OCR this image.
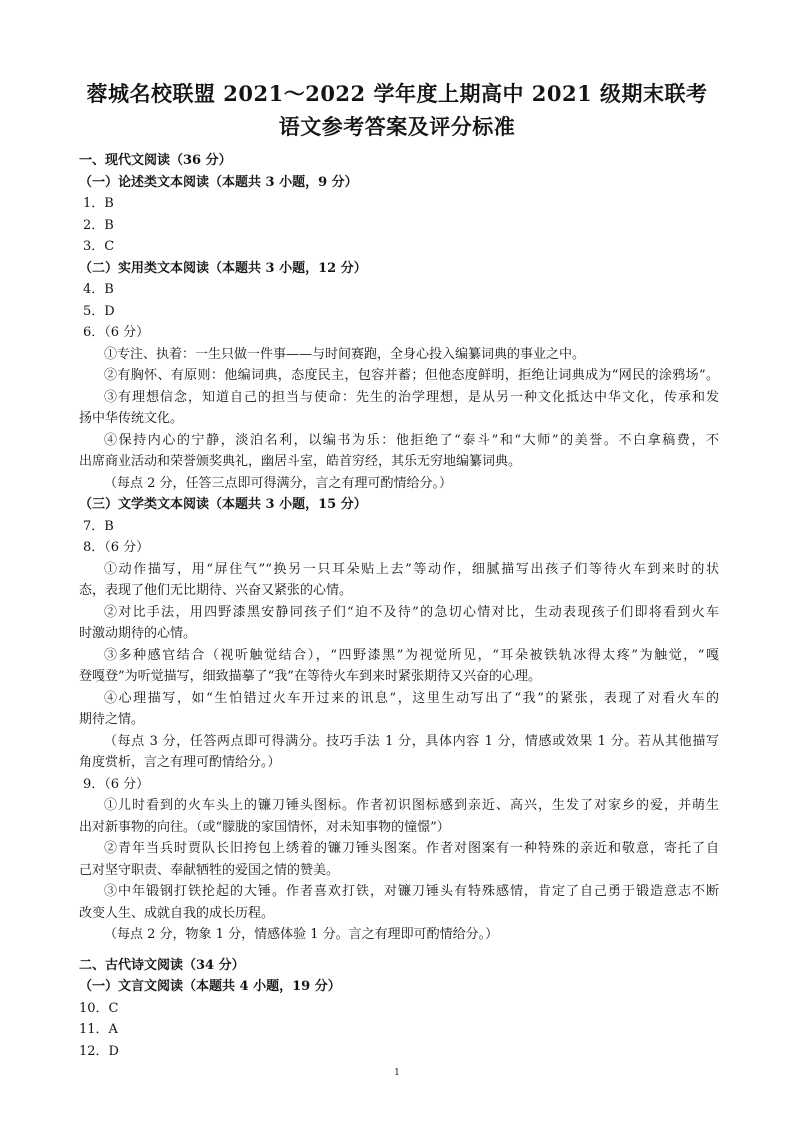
蓉城名校联盟 2021～2022 学年度上期高中 2021 级期末联考
语文参考答案及评分标准
一、现代文阅读（36 分）
（一）论述类文本阅读（本题共 3 小题，9 分）
1．B
2．B
3．C
（二）实用类文本阅读（本题共 3 小题，12 分）
4．B
5．D
6．（6 分）
①专注、执着：一生只做一件事——与时间赛跑，全身心投入编纂词典的事业之中。
②有胸怀、有原则：他编词典，态度民主，包容并蓄；但他态度鲜明，拒绝让词典成为“网民的涂鸦场”。
③有理想信念，知道自己的担当与使命：先生的治学理想，是从另一种文化抵达中华文化，传承和发
扬中华传统文化。
④保持内心的宁静，淡泊名利，以编书为乐：他拒绝了“泰斗”和“大师”的美誉。不白拿稿费，不
出席商业活动和荣誉颁奖典礼，幽居斗室，皓首穷经，其乐无穷地编纂词典。
（每点 2 分，任答三点即可得满分，言之有理可酌情给分。）
（三）文学类文本阅读（本题共 3 小题，15 分）
7．B
8．（6 分）
①动作描写，用“屏住气”“换另一只耳朵贴上去”等动作，细腻描写出孩子们等待火车到来时的状
态，表现了他们无比期待、兴奋又紧张的心情。
②对比手法，用四野漆黑安静同孩子们“迫不及待”的急切心情对比，生动表现孩子们即将看到火车
时激动期待的心情。
③多种感官结合（视听触觉结合），“四野漆黑”为视觉所见，“耳朵被铁轨冰得太疼”为触觉，“嘎
登嘎登”为听觉描写，细致描摹了“我”在等待火车到来时紧张期待又兴奋的心理。
④心理描写，如“生怕错过火车开过来的讯息”，这里生动写出了“我”的紧张，表现了对看火车的
期待之情。
（每点 3 分，任答两点即可得满分。技巧手法 1 分，具体内容 1 分，情感或效果 1 分。若从其他描写
角度赏析，言之有理可酌情给分。）
9．（6 分）
①儿时看到的火车头上的镰刀锤头图标。作者初识图标感到亲近、高兴，生发了对家乡的爱，并萌生
出对新事物的向往。（或“朦胧的家国情怀，对未知事物的憧憬”）
②青年当兵时贾队长旧挎包上绣着的镰刀锤头图案。作者对图案有一种特殊的亲近和敬意，寄托了自
己对坚守职责、奉献牺牲的爱国之情的赞美。
③中年锻钢打铁抡起的大锤。作者喜欢打铁，对镰刀锤头有特殊感情，肯定了自己勇于锻造意志不断
改变人生、成就自我的成长历程。
（每点 2 分，物象 1 分，情感体验 1 分。言之有理即可酌情给分。）
二、古代诗文阅读（34 分）
（一）文言文阅读（本题共 4 小题，19 分）
10．C
11．A
12．D
1
